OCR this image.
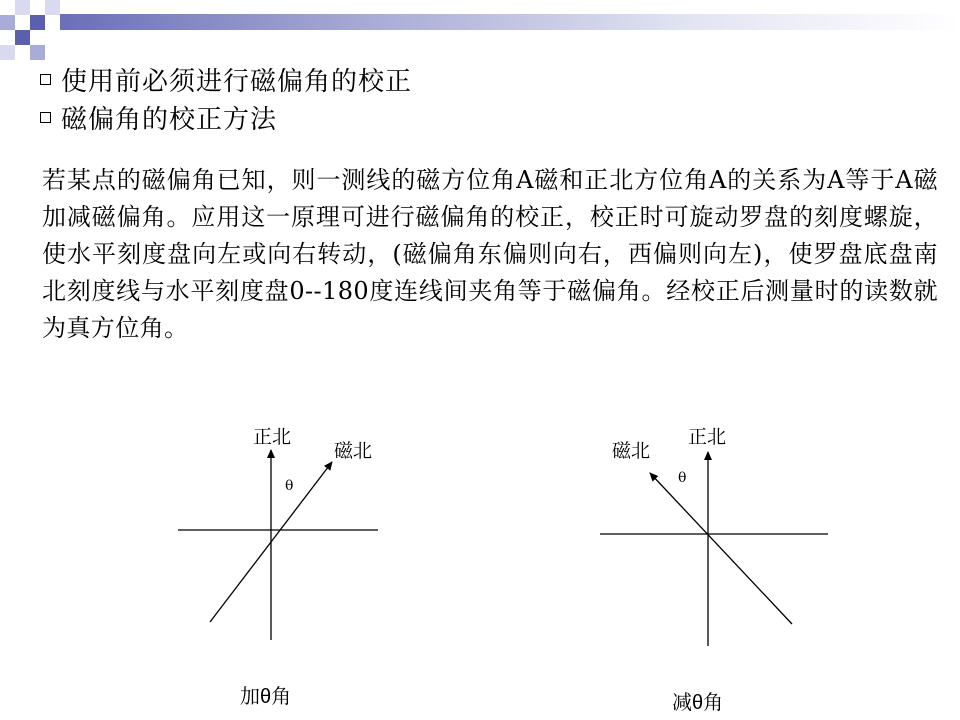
使用前必须进行磁偏角的校正
磁偏角的校正方法
若某点的磁偏角已知，则一测线的磁方位角A磁和正北方位角A的关系为A等于A磁加减磁偏角。应用这一原理可进行磁偏角的校正，校正时可旋动罗盘的刻度螺旋，使水平刻度盘向左或向右转动，(磁偏角东偏则向右，西偏则向左)，使罗盘底盘南北刻度线与水平刻度盘0--180度连线间夹角等于磁偏角。经校正后测量时的读数就为真方位角。
正北
磁北
θ
加θ角
磁北
正北
θ
减θ角
